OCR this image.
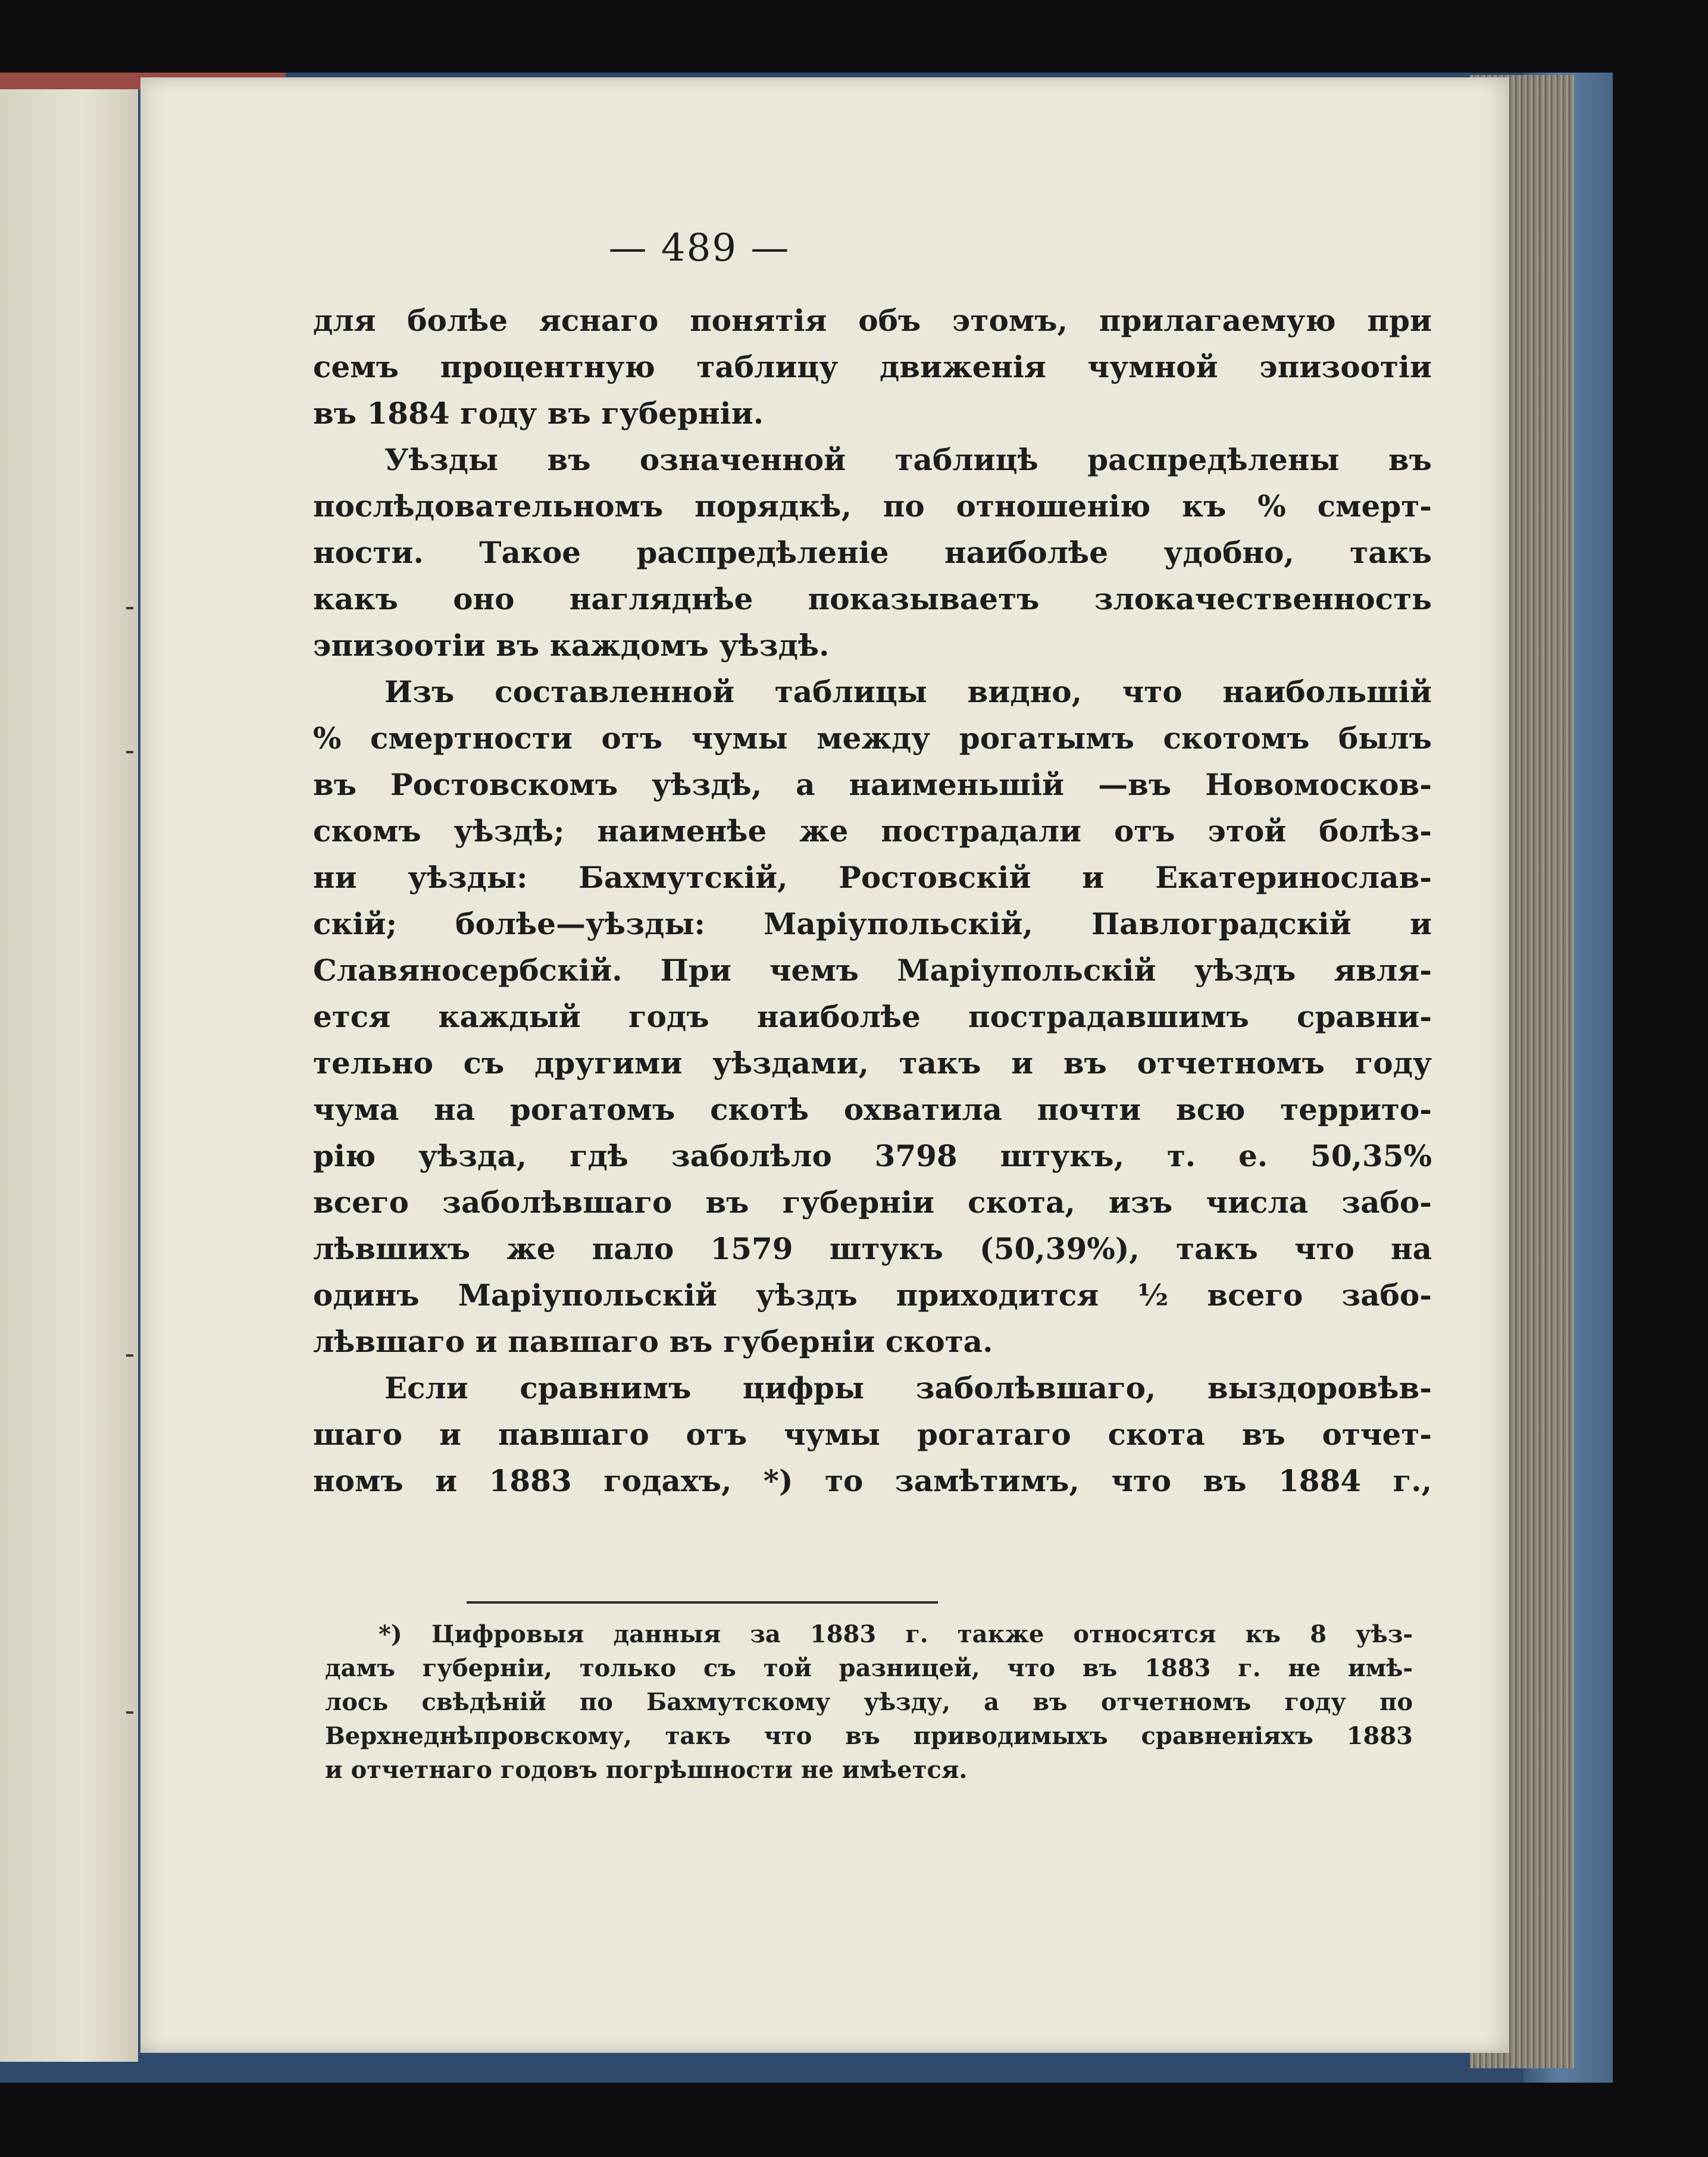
— 489 —
для болѣе яснаго понятія объ этомъ, прилагаемую при
семъ процентную таблицу движенія чумной эпизоотіи
въ 1884 году въ губерніи.
Уѣзды въ означенной таблицѣ распредѣлены въ
послѣдовательномъ порядкѣ, по отношенію къ % смерт-
ности. Такое распредѣленіе наиболѣе удобно, такъ
какъ оно нагляднѣе показываетъ злокачественность
эпизоотіи въ каждомъ уѣздѣ.
Изъ составленной таблицы видно, что наибольшій
% смертности отъ чумы между рогатымъ скотомъ былъ
въ Ростовскомъ уѣздѣ, а наименьшій —въ Новомосков-
скомъ уѣздѣ; наименѣе же пострадали отъ этой болѣз-
ни уѣзды: Бахмутскій, Ростовскій и Екатеринослав-
скій; болѣе—уѣзды: Маріупольскій, Павлоградскій и
Славяносербскій. При чемъ Маріупольскій уѣздъ явля-
ется каждый годъ наиболѣе пострадавшимъ сравни-
тельно съ другими уѣздами, такъ и въ отчетномъ году
чума на рогатомъ скотѣ охватила почти всю террито-
рію уѣзда, гдѣ заболѣло 3798 штукъ, т. е. 50,35%
всего заболѣвшаго въ губерніи скота, изъ числа забо-
лѣвшихъ же пало 1579 штукъ (50,39%), такъ что на
одинъ Маріупольскій уѣздъ приходится ½ всего забо-
лѣвшаго и павшаго въ губерніи скота.
Если сравнимъ цифры заболѣвшаго, выздоровѣв-
шаго и павшаго отъ чумы рогатаго скота въ отчет-
номъ и 1883 годахъ, *) то замѣтимъ, что въ 1884 г.,
*) Цифровыя данныя за 1883 г. также относятся къ 8 уѣз-
дамъ губерніи, только съ той разницей, что въ 1883 г. не имѣ-
лось свѣдѣній по Бахмутскому уѣзду, а въ отчетномъ году по
Верхнеднѣпровскому, такъ что въ приводимыхъ сравненіяхъ 1883
и отчетнаго годовъ погрѣшности не имѣется.
